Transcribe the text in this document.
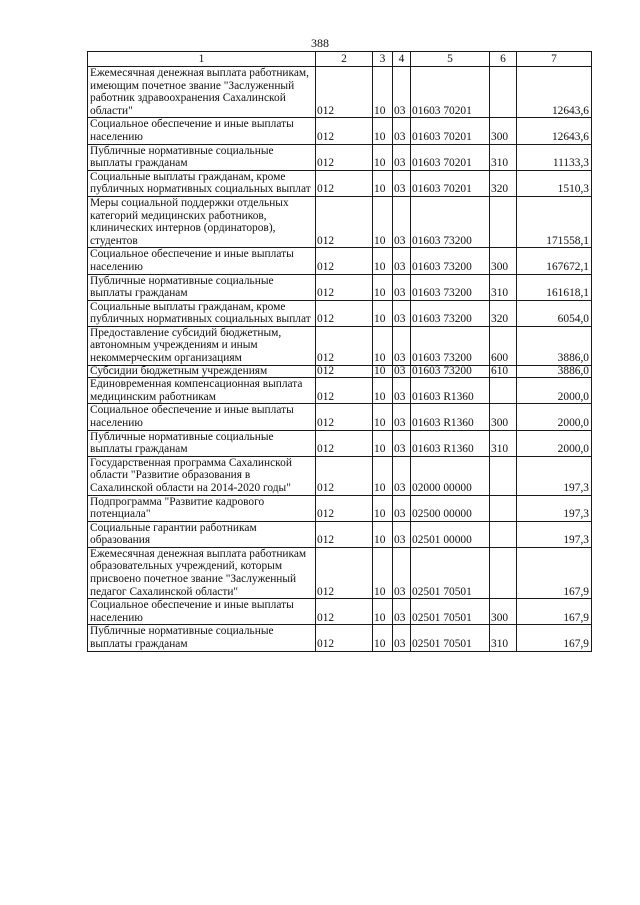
388
1	2	3	4	5	6	7
Ежемесячная денежная выплата работникам, имеющим почетное звание "Заслуженный работник здравоохранения Сахалинской области"	012	10	03	01603 70201		12643,6
Социальное обеспечение и иные выплаты населению	012	10	03	01603 70201	300	12643,6
Публичные нормативные социальные выплаты гражданам	012	10	03	01603 70201	310	11133,3
Социальные выплаты гражданам, кроме публичных нормативных социальных выплат	012	10	03	01603 70201	320	1510,3
Меры социальной поддержки отдельных категорий медицинских работников, клинических интернов (ординаторов), студентов	012	10	03	01603 73200		171558,1
Социальное обеспечение и иные выплаты населению	012	10	03	01603 73200	300	167672,1
Публичные нормативные социальные выплаты гражданам	012	10	03	01603 73200	310	161618,1
Социальные выплаты гражданам, кроме публичных нормативных социальных выплат	012	10	03	01603 73200	320	6054,0
Предоставление субсидий бюджетным, автономным учреждениям и иным некоммерческим организациям	012	10	03	01603 73200	600	3886,0
Субсидии бюджетным учреждениям	012	10	03	01603 73200	610	3886,0
Единовременная компенсационная выплата медицинским работникам	012	10	03	01603 R1360		2000,0
Социальное обеспечение и иные выплаты населению	012	10	03	01603 R1360	300	2000,0
Публичные нормативные социальные выплаты гражданам	012	10	03	01603 R1360	310	2000,0
Государственная программа Сахалинской области "Развитие образования в Сахалинской области на 2014-2020 годы"	012	10	03	02000 00000		197,3
Подпрограмма "Развитие кадрового потенциала"	012	10	03	02500 00000		197,3
Социальные гарантии работникам образования	012	10	03	02501 00000		197,3
Ежемесячная денежная выплата работникам образовательных учреждений, которым присвоено почетное звание "Заслуженный педагог Сахалинской области"	012	10	03	02501 70501		167,9
Социальное обеспечение и иные выплаты населению	012	10	03	02501 70501	300	167,9
Публичные нормативные социальные выплаты гражданам	012	10	03	02501 70501	310	167,9
